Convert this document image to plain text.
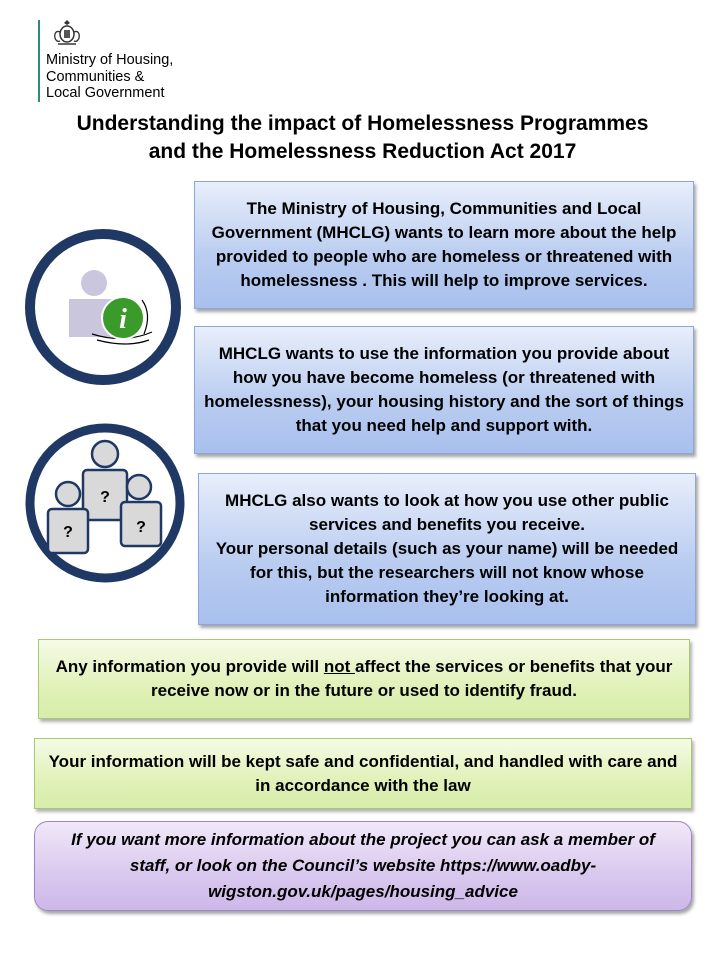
Ministry of Housing,
Communities &
Local Government
Understanding the impact of Homelessness Programmes
and the Homelessness Reduction Act 2017
i
?
?	?
The Ministry of Housing, Communities and Local Government (MHCLG) wants to learn more about the help provided to people who are homeless or threatened with homelessness . This will help to improve services.
MHCLG wants to use the information you provide about how you have become homeless (or threatened with homelessness), your housing history and the sort of things that you need help and support with.
MHCLG also wants to look at how you use other public services and benefits you receive.
Your personal details (such as your name) will be needed for this, but the researchers will not know whose information they’re looking at.
Any information you provide will not affect the services or benefits that your receive now or in the future or used to identify fraud.
Your information will be kept safe and confidential, and handled with care and in accordance with the law
If you want more information about the project you can ask a member of staff, or look on the Council’s website https://www.oadby-wigston.gov.uk/pages/housing_advice
